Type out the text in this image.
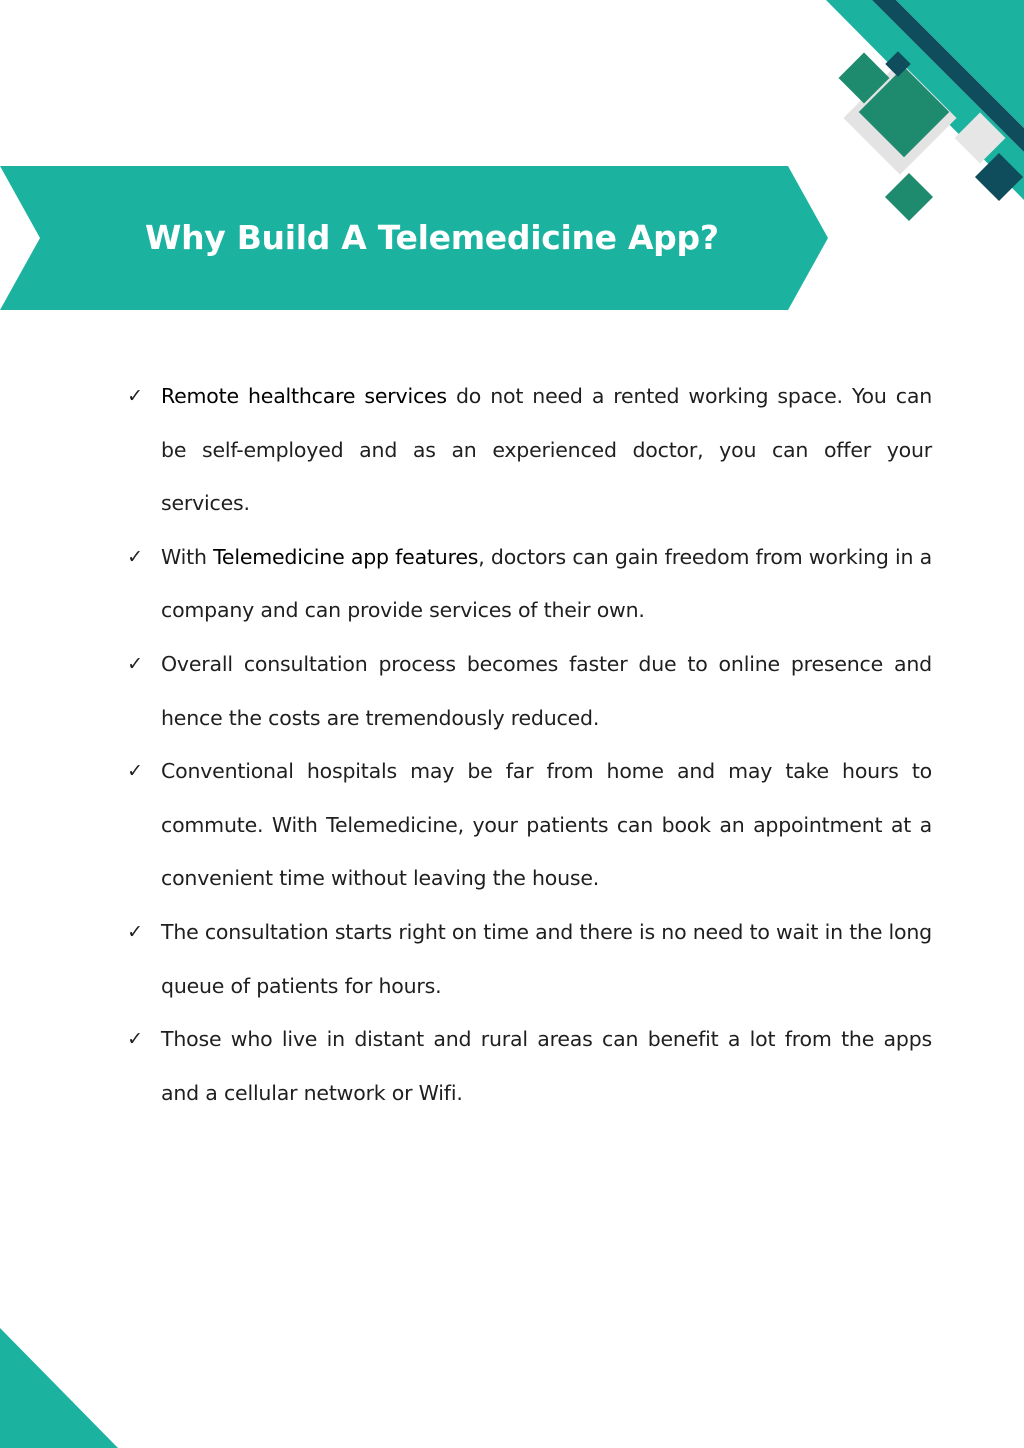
Why Build A Telemedicine App?
✓ Remote healthcare services do not need a rented working space. You can be self-employed and as an experienced doctor, you can offer your services.
✓ With Telemedicine app features, doctors can gain freedom from working in a company and can provide services of their own.
✓ Overall consultation process becomes faster due to online presence and hence the costs are tremendously reduced.
✓ Conventional hospitals may be far from home and may take hours to commute. With Telemedicine, your patients can book an appointment at a convenient time without leaving the house.
✓ The consultation starts right on time and there is no need to wait in the long queue of patients for hours.
✓ Those who live in distant and rural areas can benefit a lot from the apps and a cellular network or Wifi.
